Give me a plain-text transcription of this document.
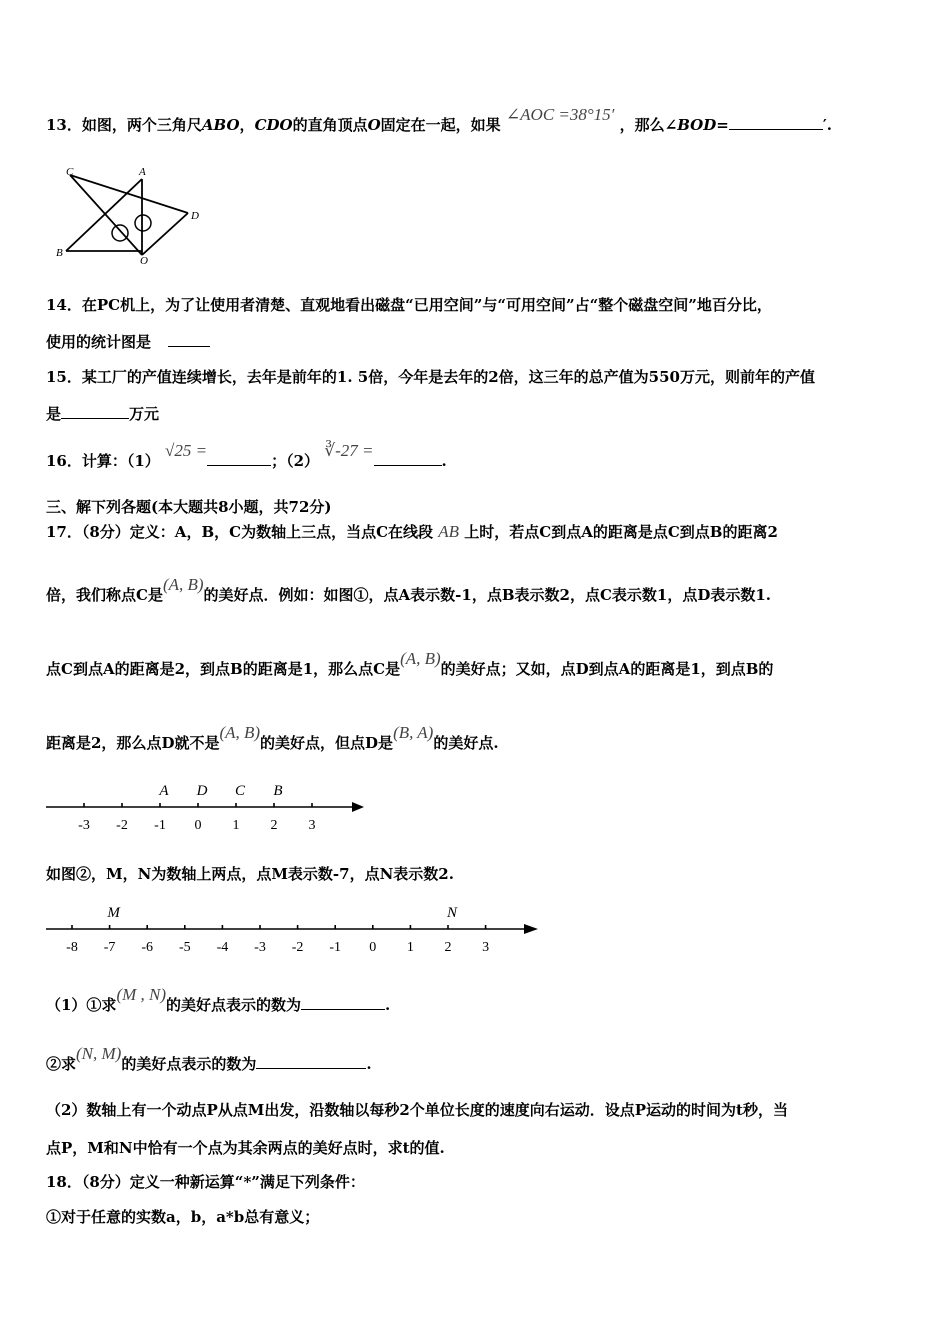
13．如图，两个三角尺ABO，CDO的直角顶点O固定在一起，如果 ∠AOC =38°15′ ，那么∠BOD=	′.
C	A
D
B
O
14．在PC机上，为了让使用者清楚、直观地看出磁盘“已用空间”与“可用空间”占“整个磁盘空间”地百分比，
使用的统计图是
15．某工厂的产值连续增长，去年是前年的1. 5倍，今年是去年的2倍，这三年的总产值为550万元，则前年的产值
是	万元
16．计算：（1） √25 =；（2） ∛-27 =.
三、解下列各题(本大题共8小题，共72分)
17．（8分）定义：A，B，C为数轴上三点，当点C在线段 AB 上时，若点C到点A的距离是点C到点B的距离2
倍，我们称点C是(A, B)的美好点．例如：如图①，点A表示数-1，点B表示数2，点C表示数1，点D表示数1.
点C到点A的距离是2，到点B的距离是1，那么点C是(A, B)的美好点；又如，点D到点A的距离是1，到点B的
距离是2，那么点D就不是(A, B)的美好点，但点D是(B, A)的美好点.
-3 -2 -1 0 1 2 3
A D C B
如图②，M，N为数轴上两点，点M表示数-7，点N表示数2.
-8 -7 -6 -5 -4 -3 -2 -1 0 1 2 3
M	N
（1）①求(M , N)的美好点表示的数为	.
②求(N, M)的美好点表示的数为	.
（2）数轴上有一个动点P从点M出发，沿数轴以每秒2个单位长度的速度向右运动．设点P运动的时间为t秒，当
点P，M和N中恰有一个点为其余两点的美好点时，求t的值.
18．（8分）定义一种新运算“*”满足下列条件：
①对于任意的实数a，b，a*b总有意义；
